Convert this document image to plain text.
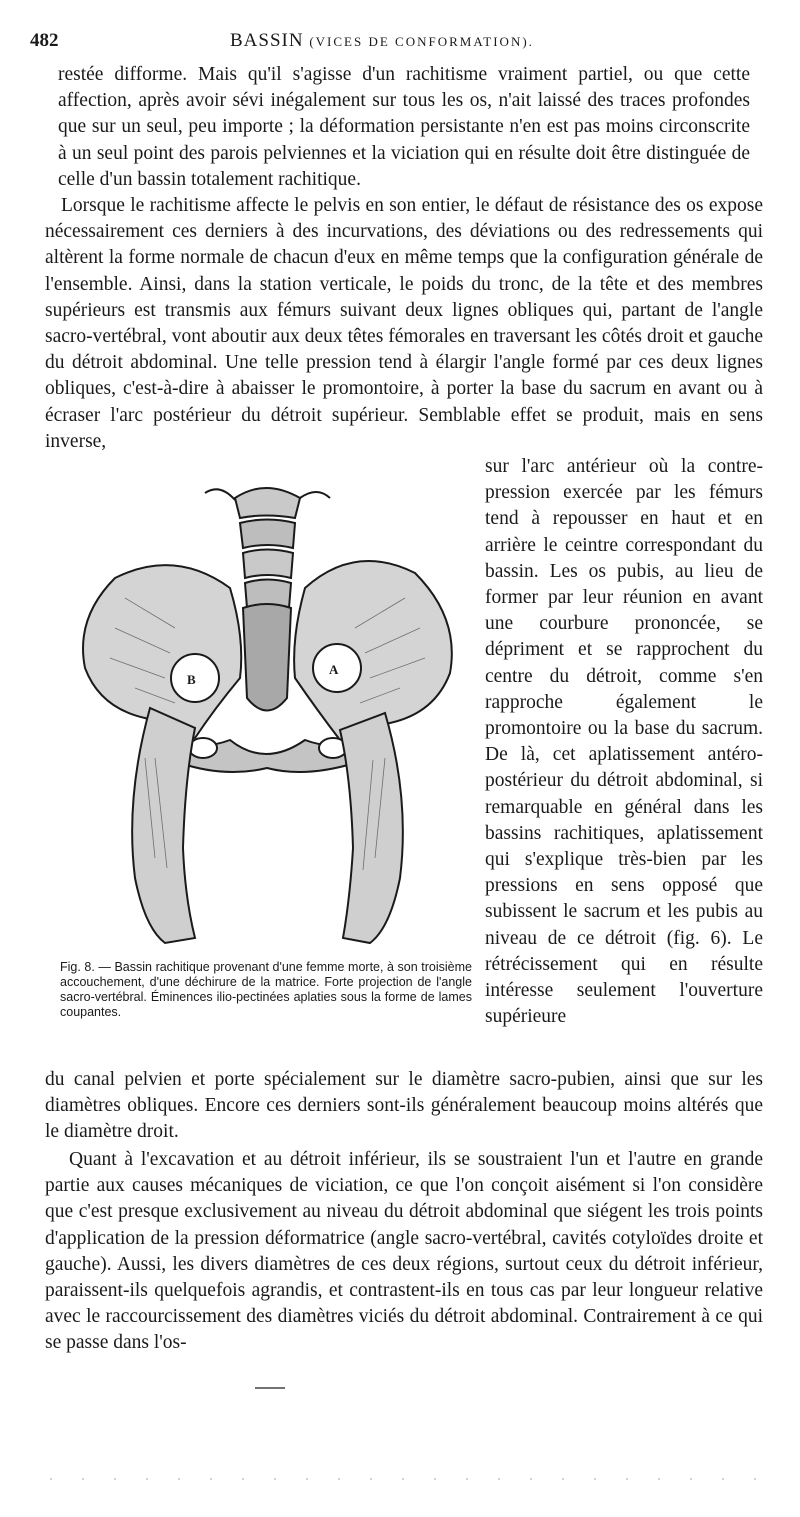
482	BASSIN (VICES DE CONFORMATION).

restée difforme. Mais qu'il s'agisse d'un rachitisme vraiment partiel, ou que cette affection, après avoir sévi inégalement sur tous les os, n'ait laissé des traces profondes que sur un seul, peu importe ; la déformation persistante n'en est pas moins circonscrite à un seul point des parois pelviennes et la viciation qui en résulte doit être distinguée de celle d'un bassin totalement rachitique.

Lorsque le rachitisme affecte le pelvis en son entier, le défaut de résistance des os expose nécessairement ces derniers à des incurvations, des déviations ou des redressements qui altèrent la forme normale de chacun d'eux en même temps que la configuration générale de l'ensemble. Ainsi, dans la station verticale, le poids du tronc, de la tête et des membres supérieurs est transmis aux fémurs suivant deux lignes obliques qui, partant de l'angle sacro-vertébral, vont aboutir aux deux têtes fémorales en traversant les côtés droit et gauche du détroit abdominal. Une telle pression tend à élargir l'angle formé par ces deux lignes obliques, c'est-à-dire à abaisser le promontoire, à porter la base du sacrum en avant ou à écraser l'arc postérieur du détroit supérieur. Semblable effet se produit, mais en sens inverse,

B
A
Fig. 8. — Bassin rachitique provenant d'une femme morte, à son troisième accouchement, d'une déchirure de la matrice. Forte projection de l'angle sacro-vertébral. Éminences ilio-pectinées aplaties sous la forme de lames coupantes.

sur l'arc antérieur où la contre-pression exercée par les fémurs tend à repousser en haut et en arrière le ceintre correspondant du bassin. Les os pubis, au lieu de former par leur réunion en avant une courbure prononcée, se dépriment et se rapprochent du centre du détroit, comme s'en rapproche également le promontoire ou la base du sacrum. De là, cet aplatissement antéro-postérieur du détroit abdominal, si remarquable en général dans les bassins rachitiques, aplatissement qui s'explique très-bien par les pressions en sens opposé que subissent le sacrum et les pubis au niveau de ce détroit (fig. 6). Le rétrécissement qui en résulte intéresse seulement l'ouverture supérieure

du canal pelvien et porte spécialement sur le diamètre sacro-pubien, ainsi que sur les diamètres obliques. Encore ces derniers sont-ils généralement beaucoup moins altérés que le diamètre droit.

Quant à l'excavation et au détroit inférieur, ils se soustraient l'un et l'autre en grande partie aux causes mécaniques de viciation, ce que l'on conçoit aisément si l'on considère que c'est presque exclusivement au niveau du détroit abdominal que siégent les trois points d'application de la pression déformatrice (angle sacro-vertébral, cavités cotyloïdes droite et gauche). Aussi, les divers diamètres de ces deux régions, surtout ceux du détroit inférieur, paraissent-ils quelquefois agrandis, et contrastent-ils en tous cas par leur longueur relative avec le raccourcissement des diamètres viciés du détroit abdominal. Contrairement à ce qui se passe dans l'os-
